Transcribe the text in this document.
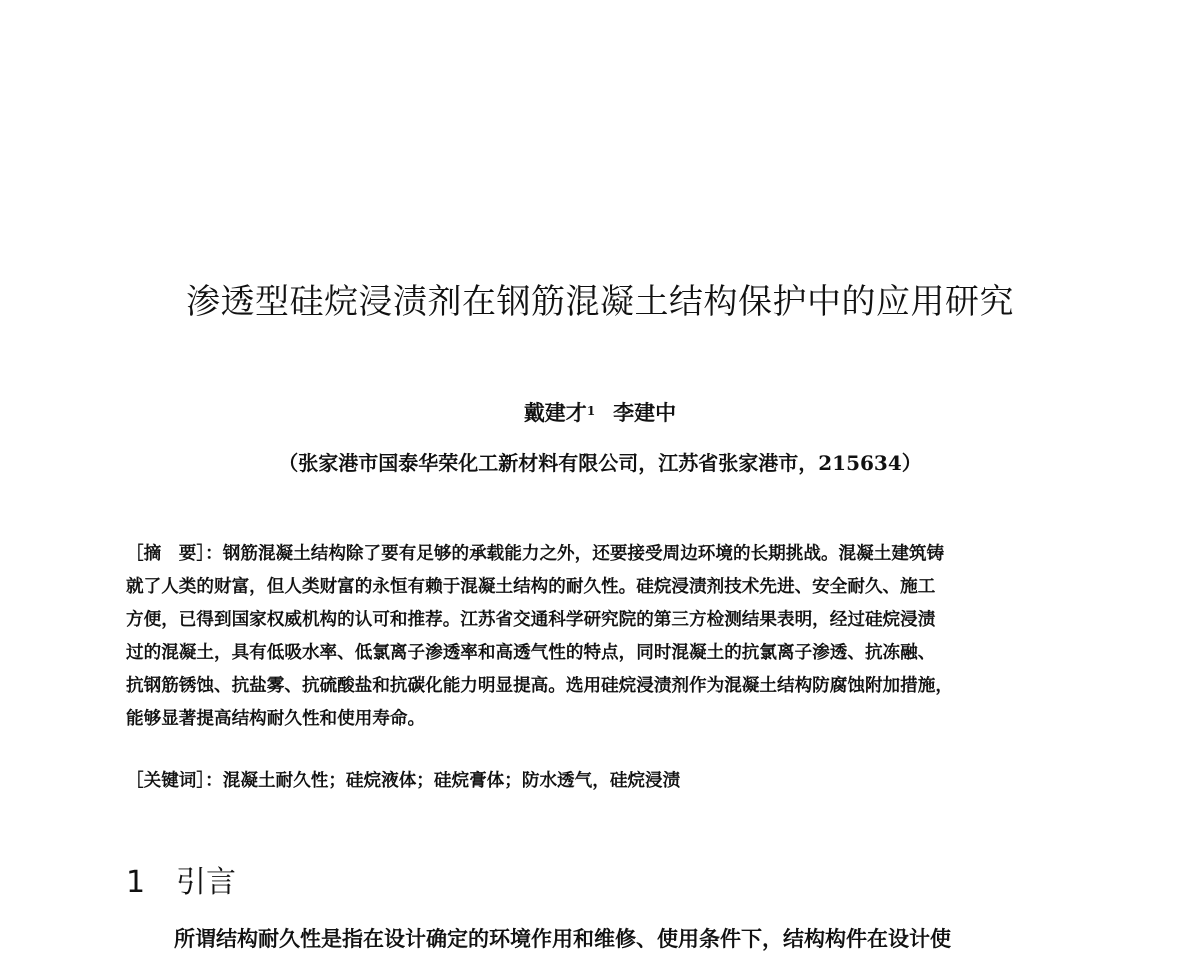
渗透型硅烷浸渍剂在钢筋混凝土结构保护中的应用研究
戴建才$^1$ 李建中
（张家港市国泰华荣化工新材料有限公司，江苏省张家港市，215634）
［摘　要］：钢筋混凝土结构除了要有足够的承载能力之外，还要接受周边环境的长期挑战。混凝土建筑铸
就了人类的财富，但人类财富的永恒有赖于混凝土结构的耐久性。硅烷浸渍剂技术先进、安全耐久、施工
方便，已得到国家权威机构的认可和推荐。江苏省交通科学研究院的第三方检测结果表明，经过硅烷浸渍
过的混凝土，具有低吸水率、低氯离子渗透率和高透气性的特点，同时混凝土的抗氯离子渗透、抗冻融、
抗钢筋锈蚀、抗盐雾、抗硫酸盐和抗碳化能力明显提高。选用硅烷浸渍剂作为混凝土结构防腐蚀附加措施，
能够显著提高结构耐久性和使用寿命。
［关键词］：混凝土耐久性；硅烷液体；硅烷膏体；防水透气，硅烷浸渍
1 引言
所谓结构耐久性是指在设计确定的环境作用和维修、使用条件下，结构构件在设计使
